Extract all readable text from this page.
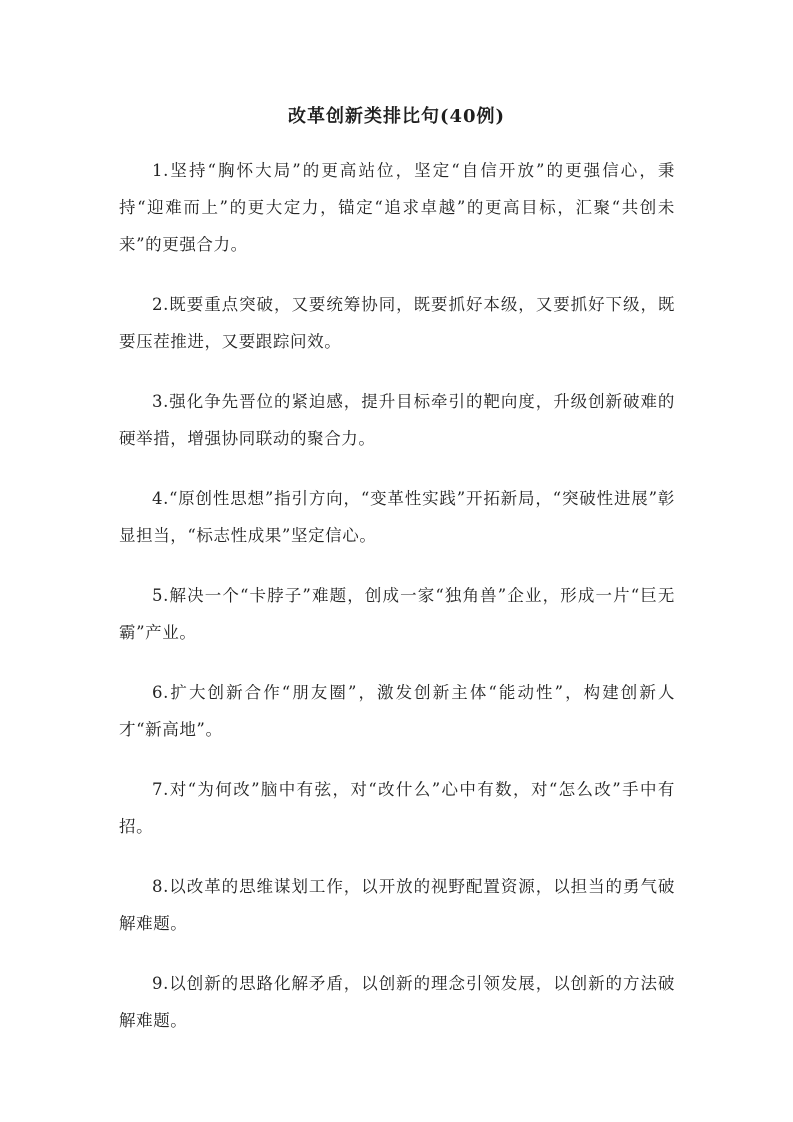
改革创新类排比句(40例)

1.坚持“胸怀大局”的更高站位，坚定“自信开放”的更强信心，秉持“迎难而上”的更大定力，锚定“追求卓越”的更高目标，汇聚“共创未来”的更强合力。

2.既要重点突破，又要统筹协同，既要抓好本级，又要抓好下级，既要压茬推进，又要跟踪问效。

3.强化争先晋位的紧迫感，提升目标牵引的靶向度，升级创新破难的硬举措，增强协同联动的聚合力。

4.“原创性思想”指引方向，“变革性实践”开拓新局，“突破性进展”彰显担当，“标志性成果”坚定信心。

5.解决一个“卡脖子”难题，创成一家“独角兽”企业，形成一片“巨无霸”产业。

6.扩大创新合作“朋友圈”，激发创新主体“能动性”，构建创新人才“新高地”。

7.对“为何改”脑中有弦，对“改什么”心中有数，对“怎么改”手中有招。

8.以改革的思维谋划工作，以开放的视野配置资源，以担当的勇气破解难题。

9.以创新的思路化解矛盾，以创新的理念引领发展，以创新的方法破解难题。
